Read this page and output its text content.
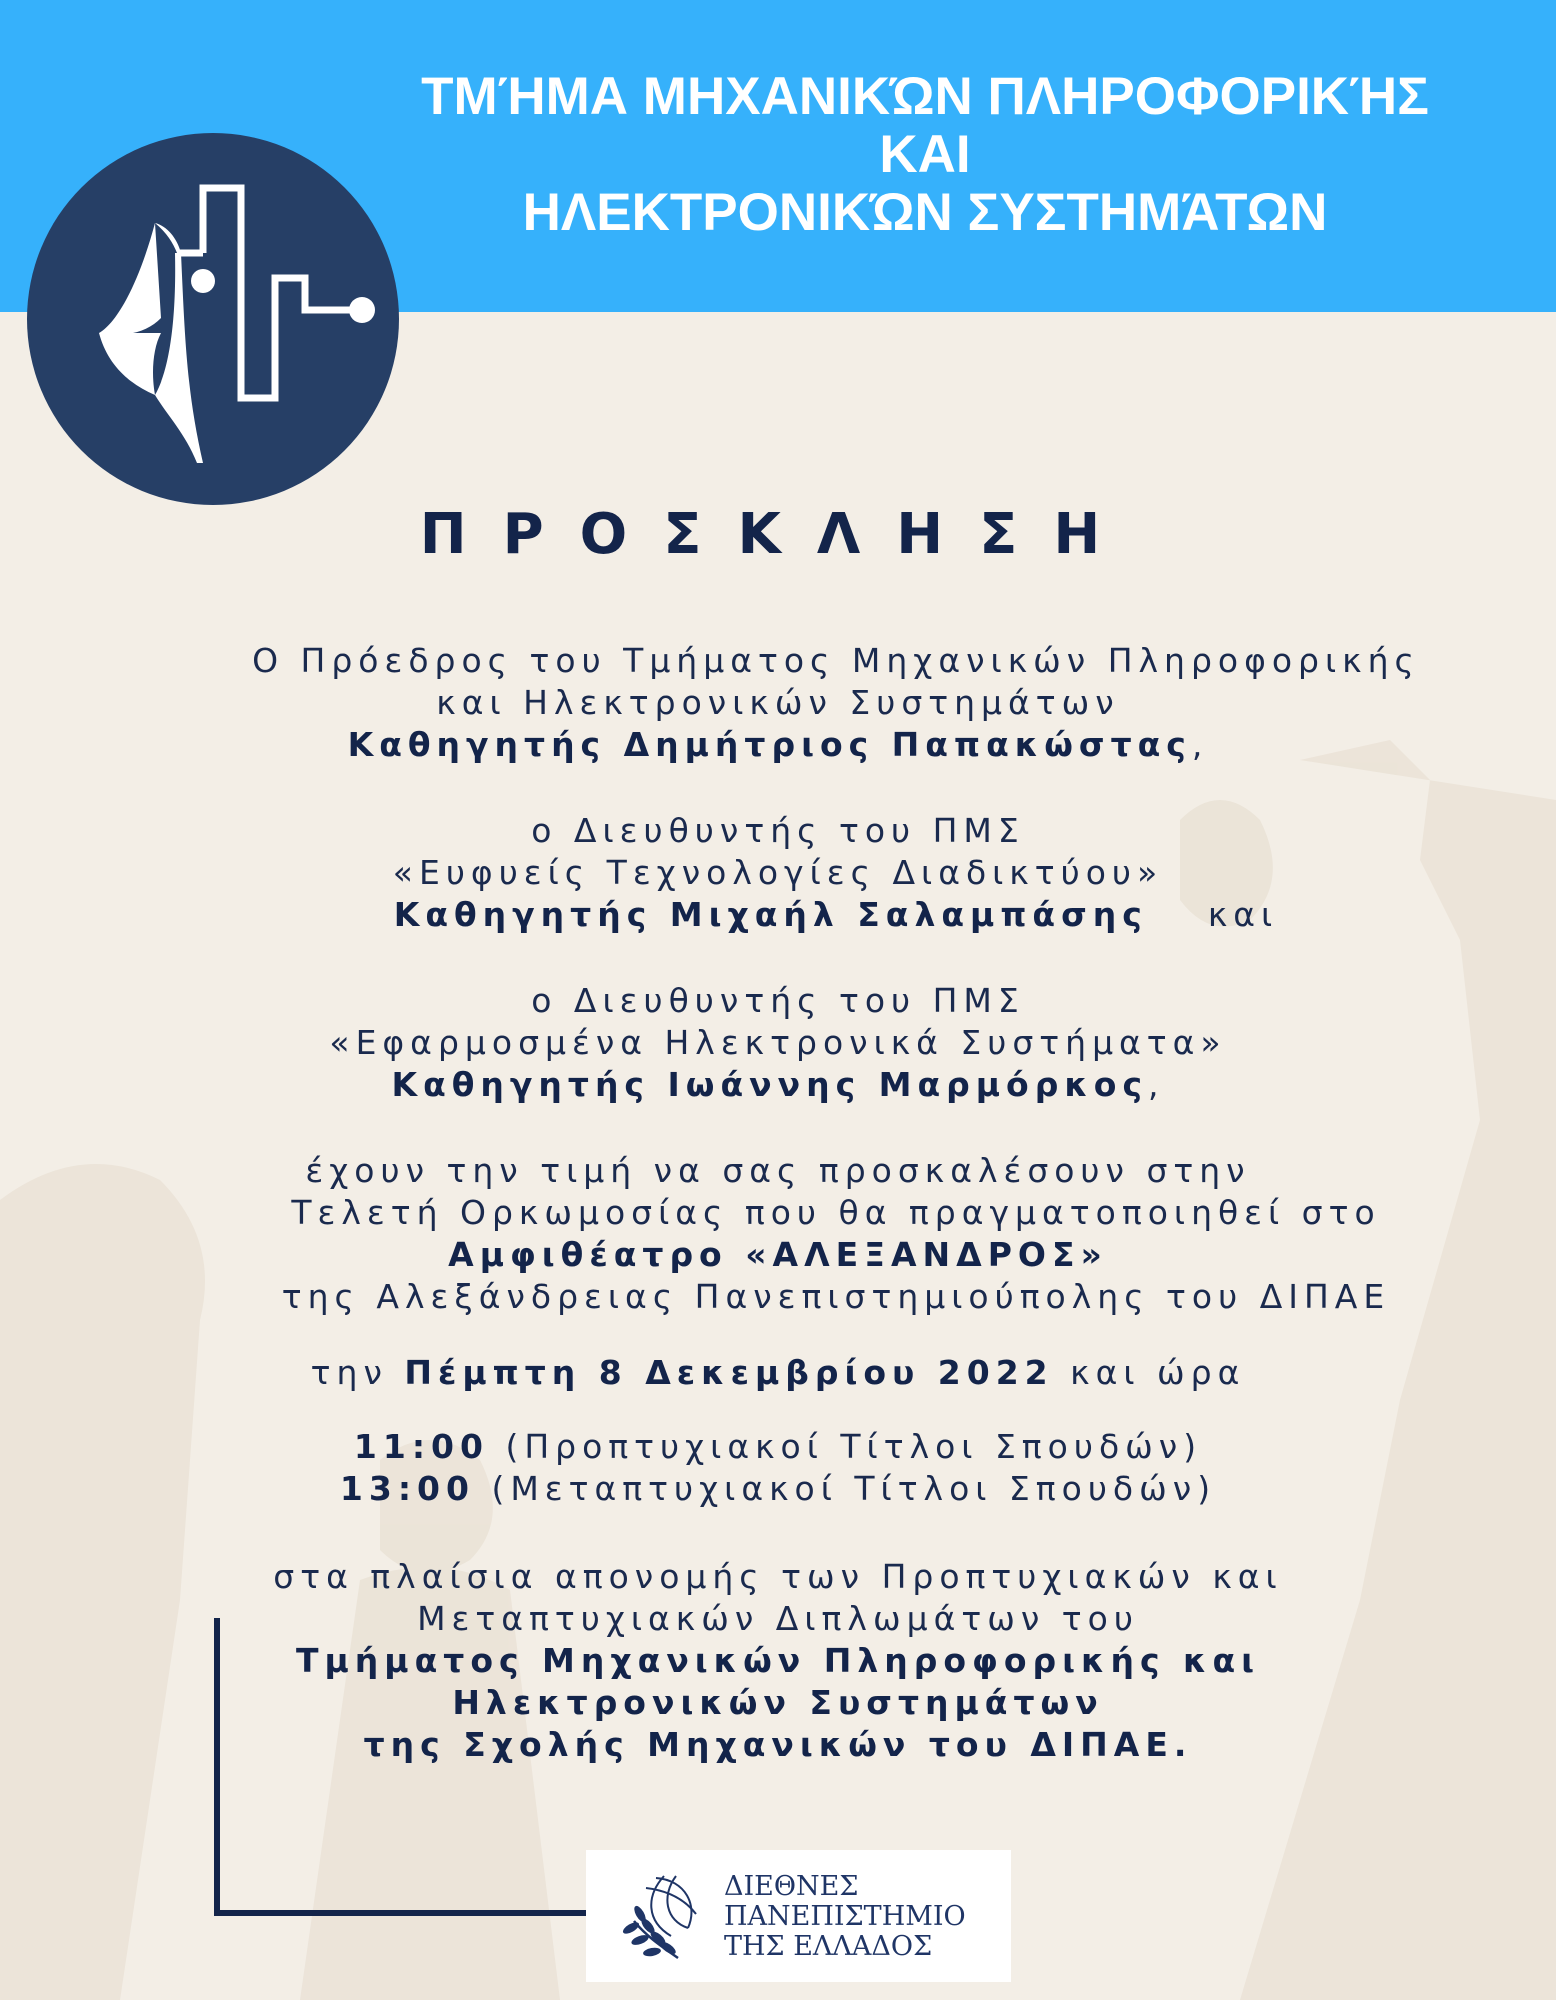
ΤΜΉΜΑ ΜΗΧΑΝΙΚΏΝ ΠΛΗΡΟΦΟΡΙΚΉΣ
ΚΑΙ
ΗΛΕΚΤΡΟΝΙΚΏΝ ΣΥΣΤΗΜΆΤΩΝ
ΠΡΟΣΚΛΗΣΗ
Ο Πρόεδρος του Τμήματος Μηχανικών Πληροφορικής
και Ηλεκτρονικών Συστημάτων
Καθηγητής Δημήτριος Παπακώστας,
ο Διευθυντής του ΠΜΣ
«Ευφυείς Τεχνολογίες Διαδικτύου»
Καθηγητής Μιχαήλ Σαλαμπάσης και
ο Διευθυντής του ΠΜΣ
«Εφαρμοσμένα Ηλεκτρονικά Συστήματα»
Καθηγητής Ιωάννης Μαρμόρκος,
έχουν την τιμή να σας προσκαλέσουν στην
Τελετή Ορκωμοσίας που θα πραγματοποιηθεί στο
Αμφιθέατρο «ΑΛΕΞΑΝΔΡΟΣ»
της Αλεξάνδρειας Πανεπιστημιούπολης του ΔΙΠΑΕ
την Πέμπτη 8 Δεκεμβρίου 2022 και ώρα
11:00 (Προπτυχιακοί Τίτλοι Σπουδών)
13:00 (Μεταπτυχιακοί Τίτλοι Σπουδών)
στα πλαίσια απονομής των Προπτυχιακών και
Μεταπτυχιακών Διπλωμάτων του
Τμήματος Μηχανικών Πληροφορικής και
Ηλεκτρονικών Συστημάτων
της Σχολής Μηχανικών του ΔΙΠΑΕ.
ΔΙΕΘΝΕΣ
ΠΑΝΕΠΙΣΤΗΜΙΟ
ΤΗΣ ΕΛΛΑΔΟΣ
